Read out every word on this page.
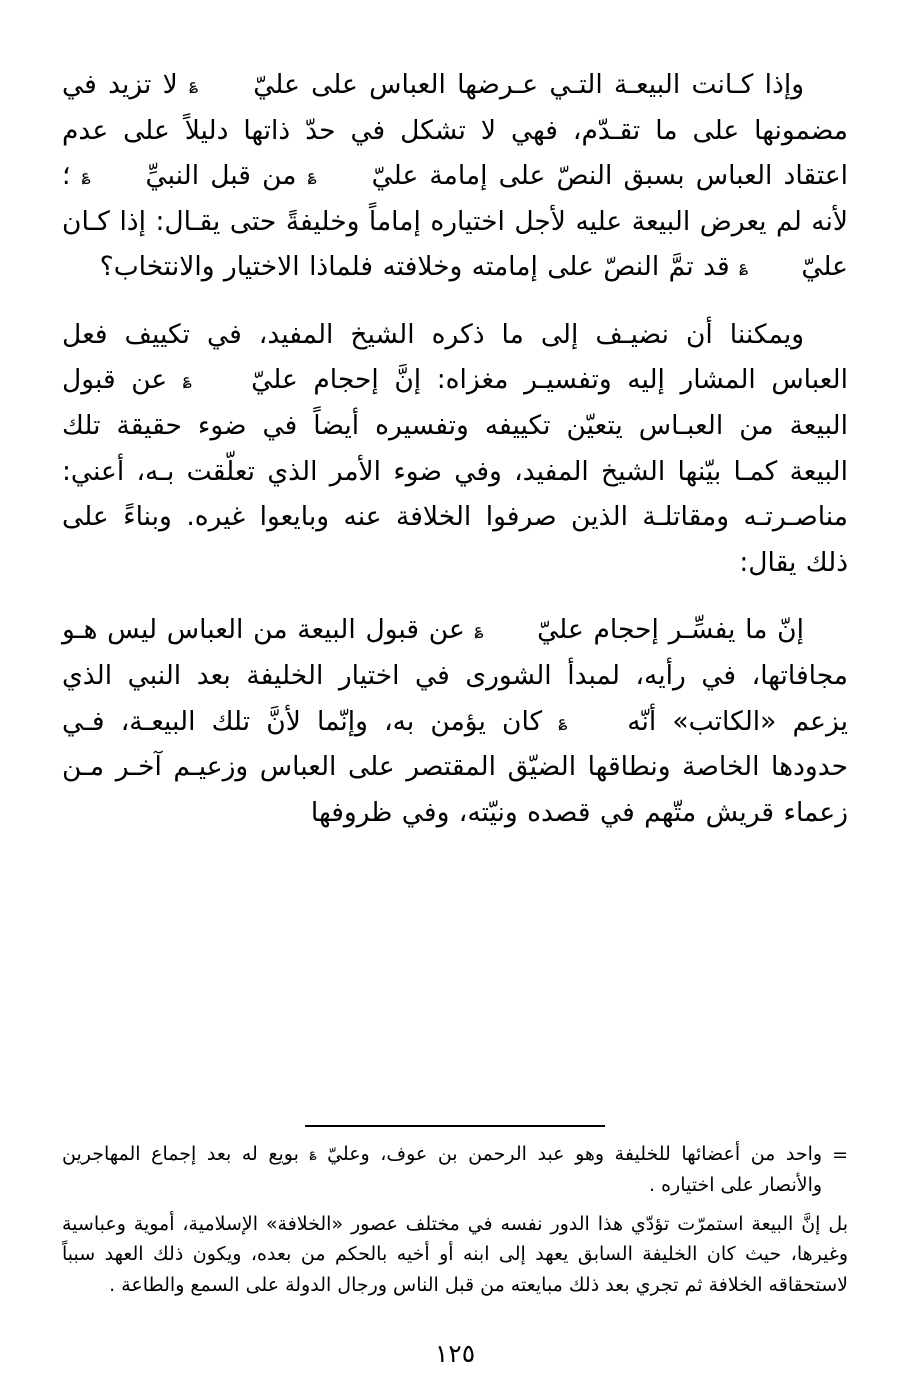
وإذا كـانت البيعـة التـي عـرضها العباس على عليّ ؏ لا تزيد في مضمونها على ما تقـدّم، فهي لا تشكل في حدّ ذاتها دليلاً على عدم اعتقاد العباس بسبق النصّ على إمامة عليّ ؏ من قبل النبيِّ ؏ ؛ لأنه لم يعرض البيعة عليه لأجل اختياره إماماً وخليفةً حتى يقـال: إذا كـان عليّ ؏ قد تمَّ النصّ على إمامته وخلافته فلماذا الاختيار والانتخاب؟

ويمكننا أن نضيـف إلى ما ذكره الشيخ المفيد، في تكييف فعل العباس المشار إليه وتفسيـر مغزاه: إنَّ إحجام عليّ ؏ عن قبول البيعة من العبـاس يتعيّن تكييفه وتفسيره أيضاً في ضوء حقيقة تلك البيعة كمـا بيّنها الشيخ المفيد، وفي ضوء الأمر الذي تعلّقت بـه، أعني: مناصـرتـه ومقاتلـة الذين صرفوا الخلافة عنه وبايعوا غيره. وبناءً على ذلك يقال:

إنّ ما يفسِّـر إحجام عليّ ؏ عن قبول البيعة من العباس ليس هـو مجافاتها، في رأيه، لمبدأ الشورى في اختيار الخليفة بعد النبي الذي يزعم «الكاتب» أنّه ؏ كان يؤمن به، وإنّما لأنَّ تلك البيعـة، فـي حدودها الخاصة ونطاقها الضيّق المقتصر على العباس وزعيـم آخـر مـن زعماء قريش متّهم في قصده ونيّته، وفي ظروفها

=
واحد من أعضائها للخليفة وهو عبد الرحمن بن عوف، وعليّ ؏ بويع له بعد إجماع المهاجرين والأنصار على اختياره .

بل إنَّ البيعة استمرّت تؤدّي هذا الدور نفسه في مختلف عصور «الخلافة» الإسلامية، أموية وعباسية وغيرها، حيث كان الخليفة السابق يعهد إلى ابنه أو أخيه بالحكم من بعده، ويكون ذلك العهد سبباً لاستحقاقه الخلافة ثم تجري بعد ذلك مبايعته من قبل الناس ورجال الدولة على السمع والطاعة .

١٢٥
